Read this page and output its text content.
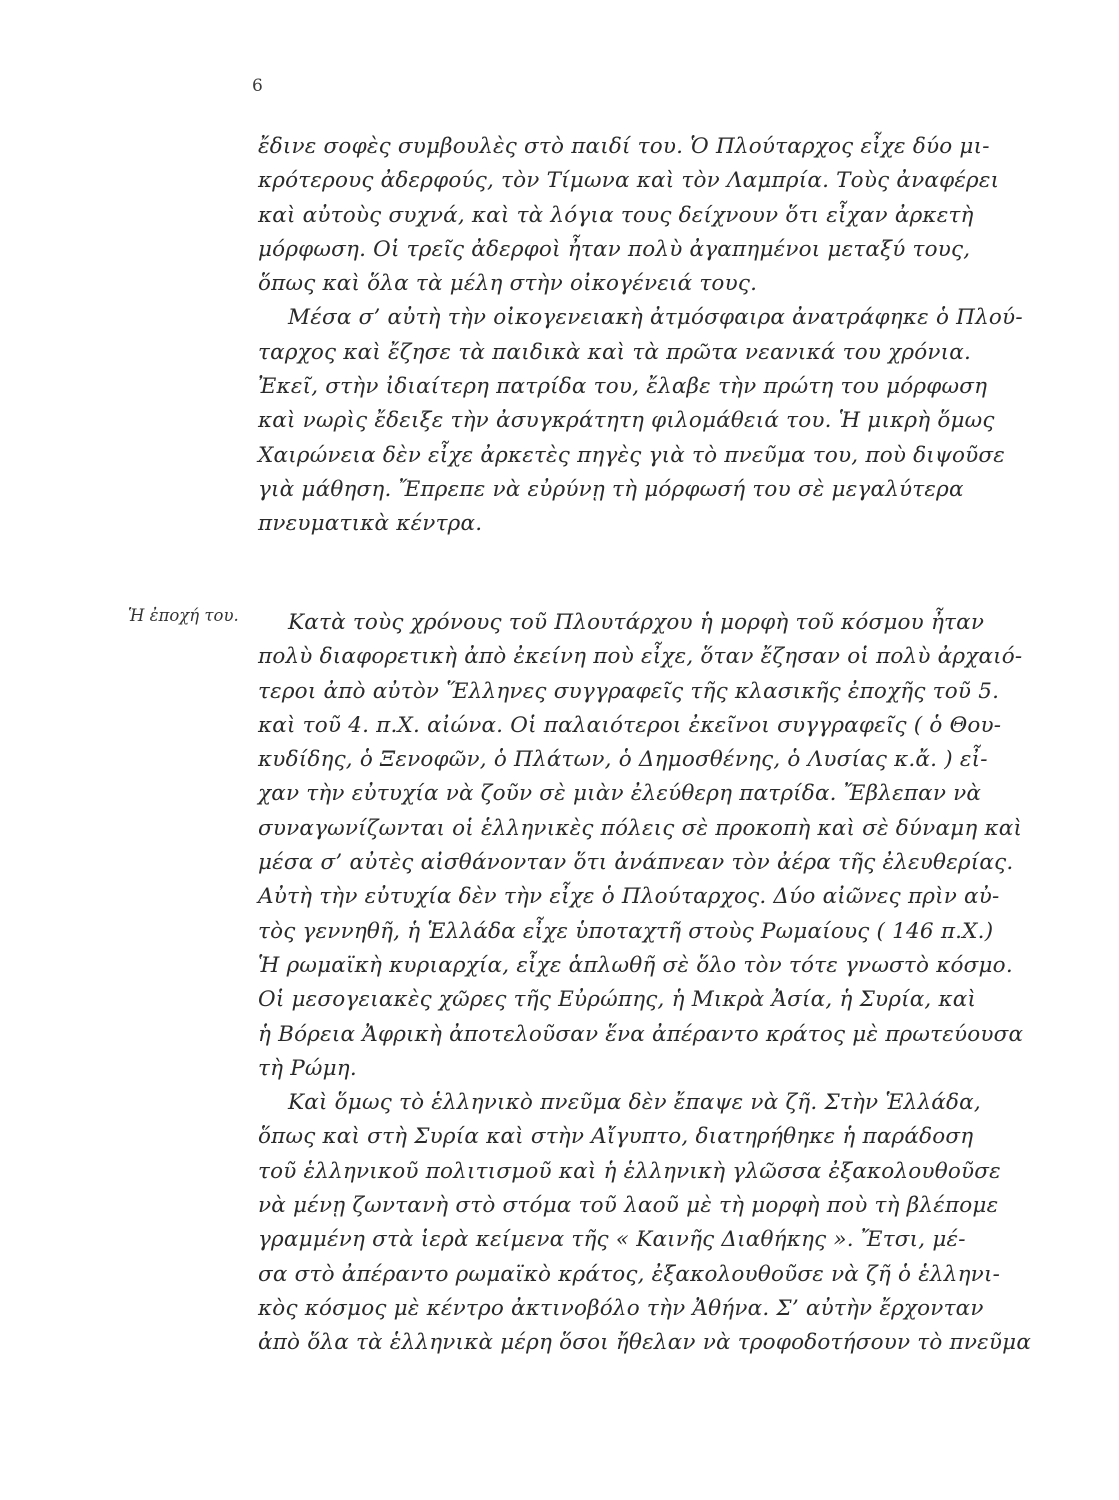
6
Ἡ ἐποχή του.
ἔδινε σοφὲς συμβουλὲς στὸ παιδί του. Ὁ Πλούταρχος εἶχε δύο μι-
κρότερους ἀδερφούς, τὸν Τίμωνα καὶ τὸν Λαμπρία. Τοὺς ἀναφέρει
καὶ αὐτοὺς συχνά, καὶ τὰ λόγια τους δείχνουν ὅτι εἶχαν ἀρκετὴ
μόρφωση. Οἱ τρεῖς ἀδερφοὶ ἦταν πολὺ ἀγαπημένοι μεταξύ τους,
ὅπως καὶ ὅλα τὰ μέλη στὴν οἰκογένειά τους.
Μέσα σ’ αὐτὴ τὴν οἰκογενειακὴ ἀτμόσφαιρα ἀνατράφηκε ὁ Πλού-
ταρχος καὶ ἔζησε τὰ παιδικὰ καὶ τὰ πρῶτα νεανικά του χρόνια.
Ἐκεῖ, στὴν ἰδιαίτερη πατρίδα του, ἔλαβε τὴν πρώτη του μόρφωση
καὶ νωρὶς ἔδειξε τὴν ἀσυγκράτητη φιλομάθειά του. Ἡ μικρὴ ὅμως
Χαιρώνεια δὲν εἶχε ἀρκετὲς πηγὲς γιὰ τὸ πνεῦμα του, ποὺ διψοῦσε
γιὰ μάθηση. Ἔπρεπε νὰ εὐρύνῃ τὴ μόρφωσή του σὲ μεγαλύτερα
πνευματικὰ κέντρα.
Κατὰ τοὺς χρόνους τοῦ Πλουτάρχου ἡ μορφὴ τοῦ κόσμου ἦταν
πολὺ διαφορετικὴ ἀπὸ ἐκείνη ποὺ εἶχε, ὅταν ἔζησαν οἱ πολὺ ἀρχαιό-
τεροι ἀπὸ αὐτὸν Ἕλληνες συγγραφεῖς τῆς κλασικῆς ἐποχῆς τοῦ 5.
καὶ τοῦ 4. π.Χ. αἰώνα. Οἱ παλαιότεροι ἐκεῖνοι συγγραφεῖς ( ὁ Θου-
κυδίδης, ὁ Ξενοφῶν, ὁ Πλάτων, ὁ Δημοσθένης, ὁ Λυσίας κ.ἄ. ) εἶ-
χαν τὴν εὐτυχία νὰ ζοῦν σὲ μιὰν ἐλεύθερη πατρίδα. Ἔβλεπαν νὰ
συναγωνίζωνται οἱ ἑλληνικὲς πόλεις σὲ προκοπὴ καὶ σὲ δύναμη καὶ
μέσα σ’ αὐτὲς αἰσθάνονταν ὅτι ἀνάπνεαν τὸν ἀέρα τῆς ἐλευθερίας.
Αὐτὴ τὴν εὐτυχία δὲν τὴν εἶχε ὁ Πλούταρχος. Δύο αἰῶνες πρὶν αὐ-
τὸς γεννηθῆ, ἡ Ἑλλάδα εἶχε ὑποταχτῆ στοὺς Ρωμαίους ( 146 π.Χ.)
Ἡ ρωμαϊκὴ κυριαρχία, εἶχε ἁπλωθῆ σὲ ὅλο τὸν τότε γνωστὸ κόσμο.
Οἱ μεσογειακὲς χῶρες τῆς Εὐρώπης, ἡ Μικρὰ Ἀσία, ἡ Συρία, καὶ
ἡ Βόρεια Ἀφρικὴ ἀποτελοῦσαν ἕνα ἀπέραντο κράτος μὲ πρωτεύουσα
τὴ Ρώμη.
Καὶ ὅμως τὸ ἑλληνικὸ πνεῦμα δὲν ἔπαψε νὰ ζῆ. Στὴν Ἑλλάδα,
ὅπως καὶ στὴ Συρία καὶ στὴν Αἴγυπτο, διατηρήθηκε ἡ παράδοση
τοῦ ἑλληνικοῦ πολιτισμοῦ καὶ ἡ ἑλληνικὴ γλῶσσα ἐξακολουθοῦσε
νὰ μένῃ ζωντανὴ στὸ στόμα τοῦ λαοῦ μὲ τὴ μορφὴ ποὺ τὴ βλέπομε
γραμμένη στὰ ἱερὰ κείμενα τῆς « Καινῆς Διαθήκης ». Ἔτσι, μέ-
σα στὸ ἀπέραντο ρωμαϊκὸ κράτος, ἐξακολουθοῦσε νὰ ζῆ ὁ ἑλληνι-
κὸς κόσμος μὲ κέντρο ἀκτινοβόλο τὴν Ἀθήνα. Σ’ αὐτὴν ἔρχονταν
ἀπὸ ὅλα τὰ ἑλληνικὰ μέρη ὅσοι ἤθελαν νὰ τροφοδοτήσουν τὸ πνεῦμα
